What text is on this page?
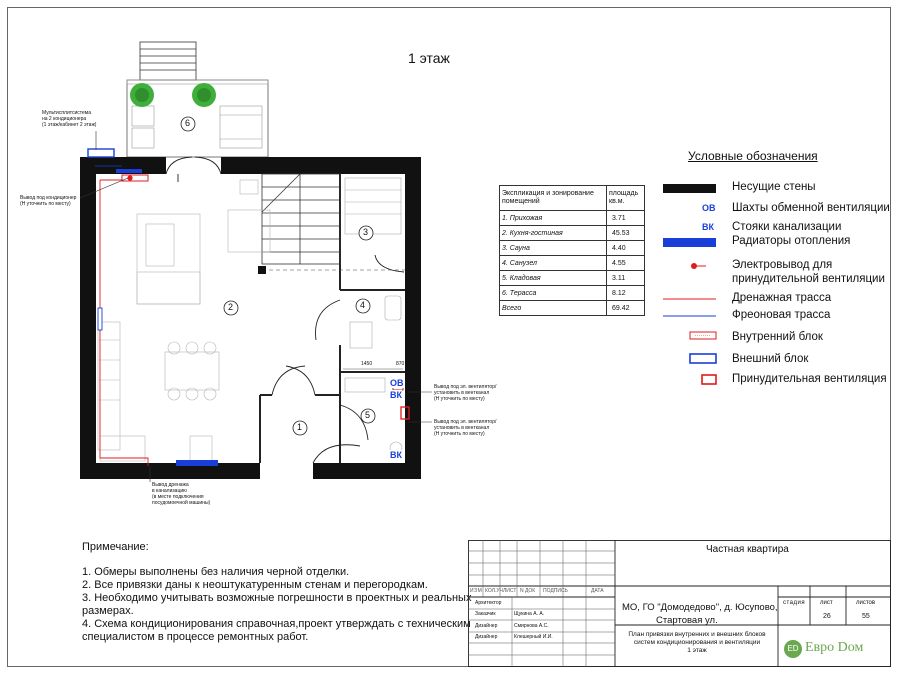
1 этаж
6
2
3
4
5
1
ОВ
ВК
ВК
1450	870
Мультисплитсистема
на 2 кондиционера
(1 этаж/кабинет 2 этаж)
Вывод под кондиционер
(H уточнить по месту)
Вывод дренажа
в канализацию
(в месте подключения
посудомоечной машины)
Вывод под эл. вентилятор/
установить в вентканал
(H уточнить по месту)
Вывод под эл. вентилятор/
установить в вентканал
(H уточнить по месту)
Экспликация и зонирование помещений	площадь кв.м.
1. Прихожая	3.71
2. Кухня-гостиная	45.53
3. Сауна	4.40
4. Санузел	4.55
5. Кладовая	3.11
6. Терасса	8.12
Всего	69.42
Условные обозначения
ОВ
ВК
Несущие стены
Шахты обменной вентиляции
Стояки канализации
Радиаторы отопления
Электровывод для
принудительной вентиляции
Дренажная трасса
Фреоновая трасса
Внутренний блок
Внешний блок
Принудительная вентиляция
Примечание:
1. Обмеры выполнены без наличия черной отделки.
2. Все привязки даны к неоштукатуренным стенам и перегородкам.
3. Необходимо учитывать возможные погрешности в проектных и реальных
размерах.
4. Схема кондиционирования справочная,проект утверждать с техническим
специалистом в процессе ремонтных работ.
ИЗМ КОЛ.УЧ ЛИСТ N ДОК ПОДПИСЬ	ДАТА
Архитектор
Заказчик	Щукина А. А.
Дизайнер	Смирнова А.С.
Дизайнер	Клешерный И.И.
Частная квартира
МО, ГО "Домодедово", д. Юсупово,
Стартовая ул.
стадия лист	листов
26	55
План привязки внутренних и внешних блоков
систем кондиционирования и вентиляции
1 этаж	ED Евро Dом
